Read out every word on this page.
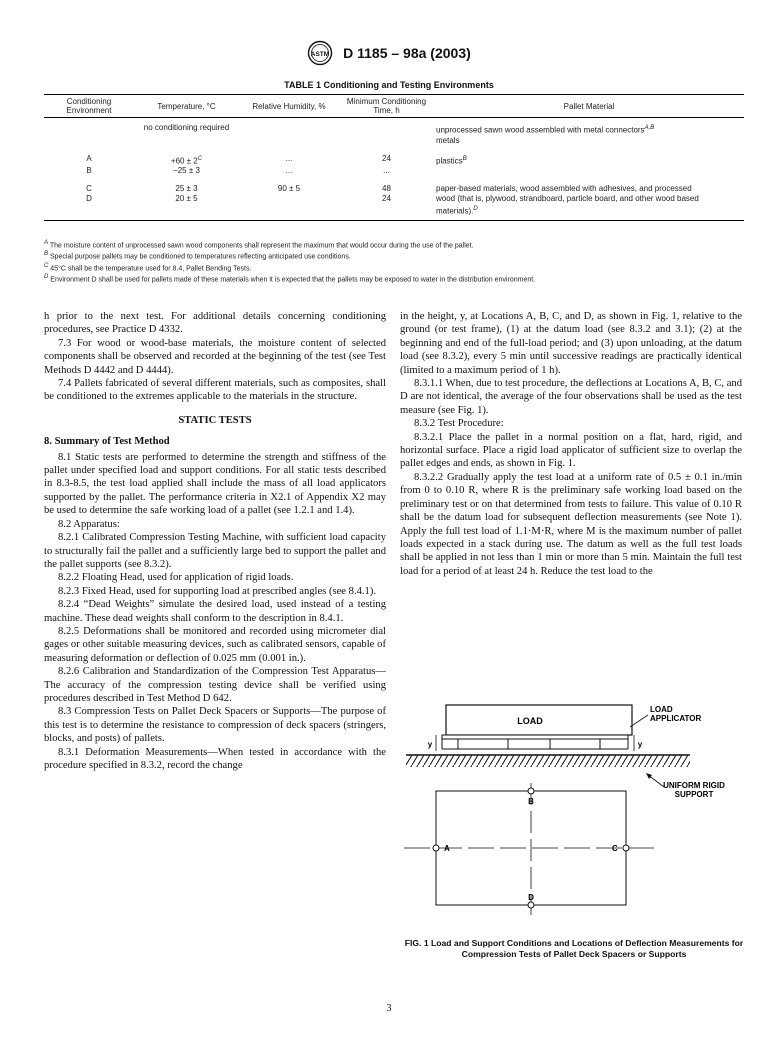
ASTM D 1185 – 98a (2003)
TABLE 1 Conditioning and Testing Environments
Conditioning Environment	Temperature, °C	Relative Humidity, %	Minimum Conditioning Time, h	Pallet Material
	no conditioning required			unprocessed sawn wood assembled with metal connectors$^{A,B}$
metals
A	$+60 \pm 2^C$	...	24	plastics$^B$
B	−25 ± 3	...	...	
C	25 ± 3	90 ± 5	48	paper-based materials, wood assembled with adhesives, and processed
D	20 ± 5		24	wood (that is, plywood, strandboard, particle board, and other wood based materials).$^D$
$^A$ The moisture content of unprocessed sawn wood components shall represent the maximum that would occur during the use of the pallet.
$^B$ Special purpose pallets may be conditioned to temperatures reflecting anticipated use conditions.
$^C$ 45°C shall be the temperature used for 8.4, Pallet Bending Tests.
$^D$ Environment D shall be used for pallets made of these materials when it is expected that the pallets may be exposed to water in the distribution environment.

h prior to the next test. For additional details concerning conditioning procedures, see Practice D 4332.

7.3 For wood or wood-base materials, the moisture content of selected components shall be observed and recorded at the beginning of the test (see Test Methods D 4442 and D 4444).

7.4 Pallets fabricated of several different materials, such as composites, shall be conditioned to the extremes applicable to the materials in the structure.

STATIC TESTS

8. Summary of Test Method

8.1 Static tests are performed to determine the strength and stiffness of the pallet under specified load and support conditions. For all static tests described in 8.3-8.5, the test load applied shall include the mass of all load applicators supported by the pallet. The performance criteria in X2.1 of Appendix X2 may be used to determine the safe working load of a pallet (see 1.2.1 and 1.4).

8.2 Apparatus:

8.2.1 Calibrated Compression Testing Machine, with sufficient load capacity to structurally fail the pallet and a sufficiently large bed to support the pallet and the pallet supports (see 8.3.2).

8.2.2 Floating Head, used for application of rigid loads.

8.2.3 Fixed Head, used for supporting load at prescribed angles (see 8.4.1).

8.2.4 “Dead Weights” simulate the desired load, used instead of a testing machine. These dead weights shall conform to the description in 8.4.1.

8.2.5 Deformations shall be monitored and recorded using micrometer dial gages or other suitable measuring devices, such as calibrated sensors, capable of measuring deformation or deflection of 0.025 mm (0.001 in.).

8.2.6 Calibration and Standardization of the Compression Test Apparatus—The accuracy of the compression testing device shall be verified using procedures described in Test Method D 642.

8.3 Compression Tests on Pallet Deck Spacers or Supports—The purpose of this test is to determine the resistance to compression of deck spacers (stringers, blocks, and posts) of pallets.

8.3.1 Deformation Measurements—When tested in accordance with the procedure specified in 8.3.2, record the change

in the height, y, at Locations A, B, C, and D, as shown in Fig. 1, relative to the ground (or test frame), (1) at the datum load (see 8.3.2 and 3.1); (2) at the beginning and end of the full-load period; and (3) upon unloading, at the datum load (see 8.3.2), every 5 min until successive readings are practically identical (limited to a maximum period of 1 h).

8.3.1.1 When, due to test procedure, the deflections at Locations A, B, C, and D are not identical, the average of the four observations shall be used as the test measure (see Fig. 1).

8.3.2 Test Procedure:

8.3.2.1 Place the pallet in a normal position on a flat, hard, rigid, and horizontal surface. Place a rigid load applicator of sufficient size to overlap the pallet edges and ends, as shown in Fig. 1.

8.3.2.2 Gradually apply the test load at a uniform rate of 0.5 ± 0.1 in./min from 0 to 0.10 R, where R is the preliminary safe working load based on the preliminary test or on that determined from tests to failure. This value of 0.10 R shall be the datum load for subsequent deflection measurements (see Note 1). Apply the full test load of 1.1·M·R, where M is the maximum number of pallet loads expected in a stack during use. The datum as well as the full test loads shall be applied in not less than 1 min or more than 5 min. Maintain the full test load for a period of at least 24 h. Reduce the test load to the

LOAD
y	y
LOAD
APPLICATOR
UNIFORM RIGID
SUPPORT
B
A	C
D
FIG. 1 Load and Support Conditions and Locations of Deflection Measurements for Compression Tests of Pallet Deck Spacers or Supports
3
